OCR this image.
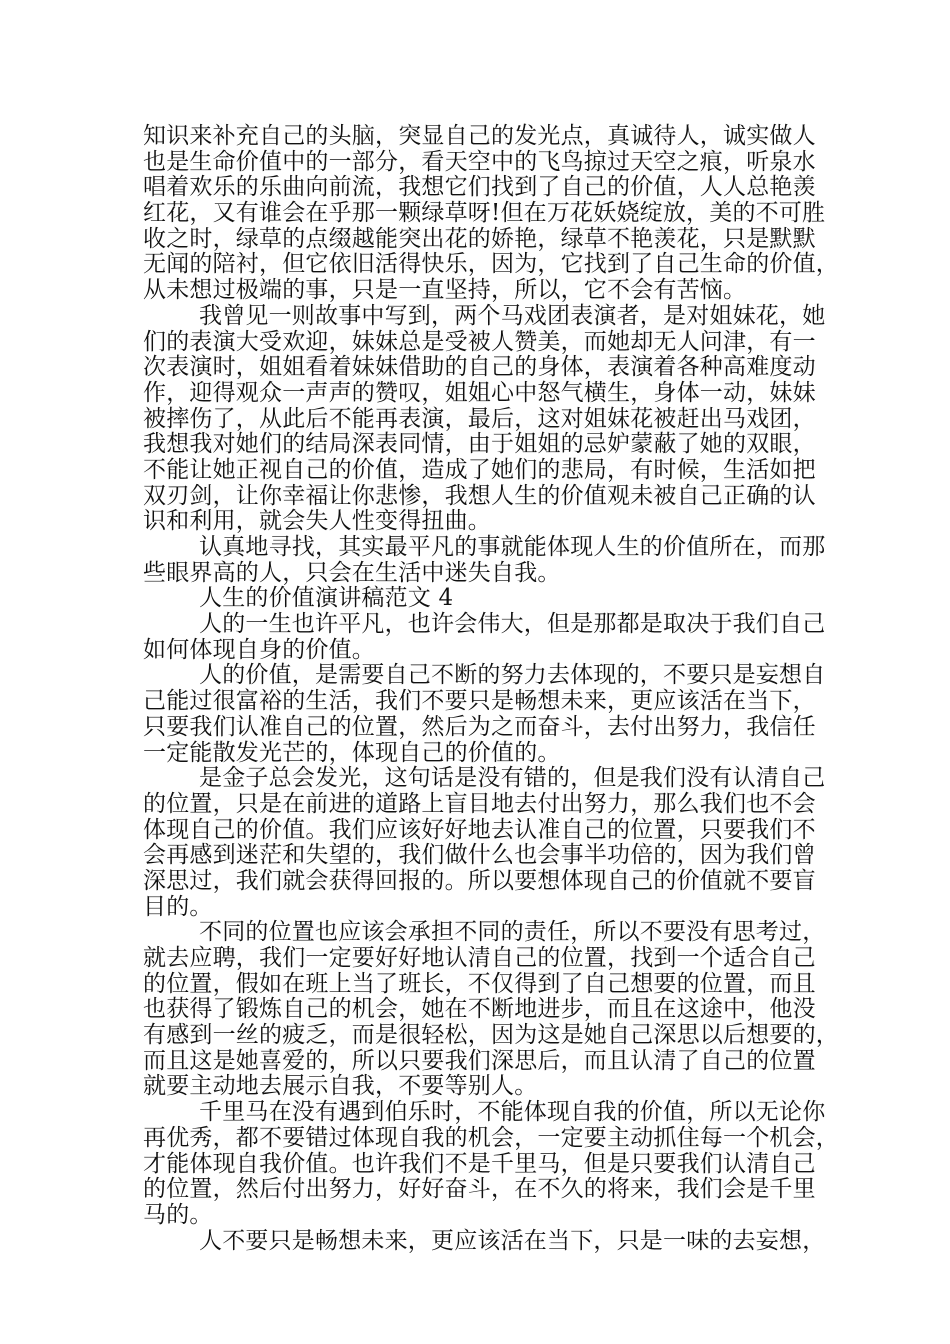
知识来补充自己的头脑，突显自己的发光点，真诚待人，诚实做人
也是生命价值中的一部分，看天空中的飞鸟掠过天空之痕，听泉水
唱着欢乐的乐曲向前流，我想它们找到了自己的价值，人人总艳羡
红花，又有谁会在乎那一颗绿草呀!但在万花妖娆绽放，美的不可胜
收之时，绿草的点缀越能突出花的娇艳，绿草不艳羡花，只是默默
无闻的陪衬，但它依旧活得快乐，因为，它找到了自己生命的价值，
从未想过极端的事，只是一直坚持，所以，它不会有苦恼。
我曾见一则故事中写到，两个马戏团表演者，是对姐妹花，她
们的表演大受欢迎，妹妹总是受被人赞美，而她却无人问津，有一
次表演时，姐姐看着妹妹借助的自己的身体，表演着各种高难度动
作，迎得观众一声声的赞叹，姐姐心中怒气横生，身体一动，妹妹
被摔伤了，从此后不能再表演，最后，这对姐妹花被赶出马戏团，
我想我对她们的结局深表同情，由于姐姐的忌妒蒙蔽了她的双眼，
不能让她正视自己的价值，造成了她们的悲局，有时候，生活如把
双刃剑，让你幸福让你悲惨，我想人生的价值观未被自己正确的认
识和利用，就会失人性变得扭曲。
认真地寻找，其实最平凡的事就能体现人生的价值所在，而那
些眼界高的人，只会在生活中迷失自我。
人生的价值演讲稿范文 4
人的一生也许平凡，也许会伟大，但是那都是取决于我们自己
如何体现自身的价值。
人的价值，是需要自己不断的努力去体现的，不要只是妄想自
己能过很富裕的生活，我们不要只是畅想未来，更应该活在当下，
只要我们认准自己的位置，然后为之而奋斗，去付出努力，我信任
一定能散发光芒的，体现自己的价值的。
是金子总会发光，这句话是没有错的，但是我们没有认清自己
的位置，只是在前进的道路上盲目地去付出努力，那么我们也不会
体现自己的价值。我们应该好好地去认准自己的位置，只要我们不
会再感到迷茫和失望的，我们做什么也会事半功倍的，因为我们曾
深思过，我们就会获得回报的。所以要想体现自己的价值就不要盲
目的。
不同的位置也应该会承担不同的责任，所以不要没有思考过，
就去应聘，我们一定要好好地认清自己的位置，找到一个适合自己
的位置，假如在班上当了班长，不仅得到了自己想要的位置，而且
也获得了锻炼自己的机会，她在不断地进步，而且在这途中，他没
有感到一丝的疲乏，而是很轻松，因为这是她自己深思以后想要的，
而且这是她喜爱的，所以只要我们深思后，而且认清了自己的位置
就要主动地去展示自我，不要等别人。
千里马在没有遇到伯乐时，不能体现自我的价值，所以无论你
再优秀，都不要错过体现自我的机会，一定要主动抓住每一个机会，
才能体现自我价值。也许我们不是千里马，但是只要我们认清自己
的位置，然后付出努力，好好奋斗，在不久的将来，我们会是千里
马的。
人不要只是畅想未来，更应该活在当下，只是一味的去妄想，
